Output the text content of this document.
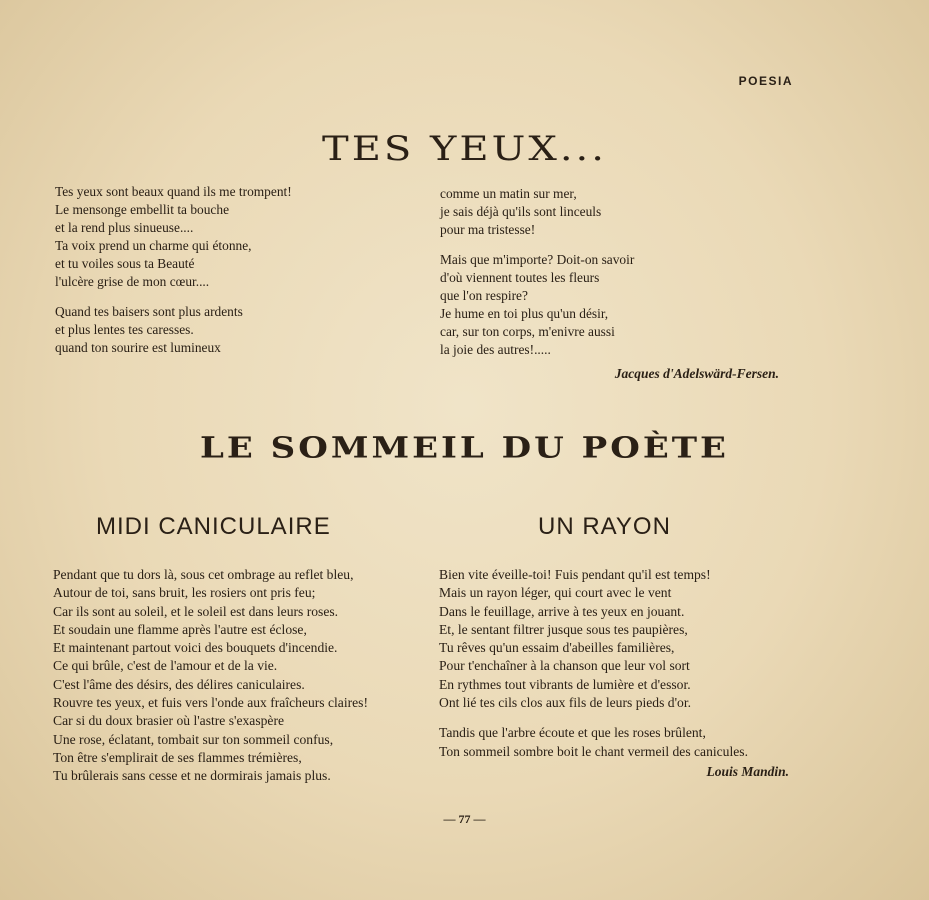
POESIA
TES YEUX...
Tes yeux sont beaux quand ils me trompent!
Le mensonge embellit ta bouche
et la rend plus sinueuse....
Ta voix prend un charme qui étonne,
et tu voiles sous ta Beauté
l'ulcère grise de mon cœur....
Quand tes baisers sont plus ardents
et plus lentes tes caresses.
quand ton sourire est lumineux
comme un matin sur mer,
je sais déjà qu'ils sont linceuls
pour ma tristesse!
Mais que m'importe? Doit-on savoir
d'où viennent toutes les fleurs
que l'on respire?
Je hume en toi plus qu'un désir,
car, sur ton corps, m'enivre aussi
la joie des autres!.....
Jacques d'Adelswärd-Fersen.
LE SOMMEIL DU POÈTE
MIDI CANICULAIRE	UN RAYON
Pendant que tu dors là, sous cet ombrage au reflet bleu,
Autour de toi, sans bruit, les rosiers ont pris feu;
Car ils sont au soleil, et le soleil est dans leurs roses.
Et soudain une flamme après l'autre est éclose,
Et maintenant partout voici des bouquets d'incendie.
Ce qui brûle, c'est de l'amour et de la vie.
C'est l'âme des désirs, des délires caniculaires.
Rouvre tes yeux, et fuis vers l'onde aux fraîcheurs claires!
Car si du doux brasier où l'astre s'exaspère
Une rose, éclatant, tombait sur ton sommeil confus,
Ton être s'emplirait de ses flammes trémières,
Tu brûlerais sans cesse et ne dormirais jamais plus.
Bien vite éveille-toi! Fuis pendant qu'il est temps!
Mais un rayon léger, qui court avec le vent
Dans le feuillage, arrive à tes yeux en jouant.
Et, le sentant filtrer jusque sous tes paupières,
Tu rêves qu'un essaim d'abeilles familières,
Pour t'enchaîner à la chanson que leur vol sort
En rythmes tout vibrants de lumière et d'essor.
Ont lié tes cils clos aux fils de leurs pieds d'or.
Tandis que l'arbre écoute et que les roses brûlent,
Ton sommeil sombre boit le chant vermeil des canicules.
Louis Mandin.
— 77 —
